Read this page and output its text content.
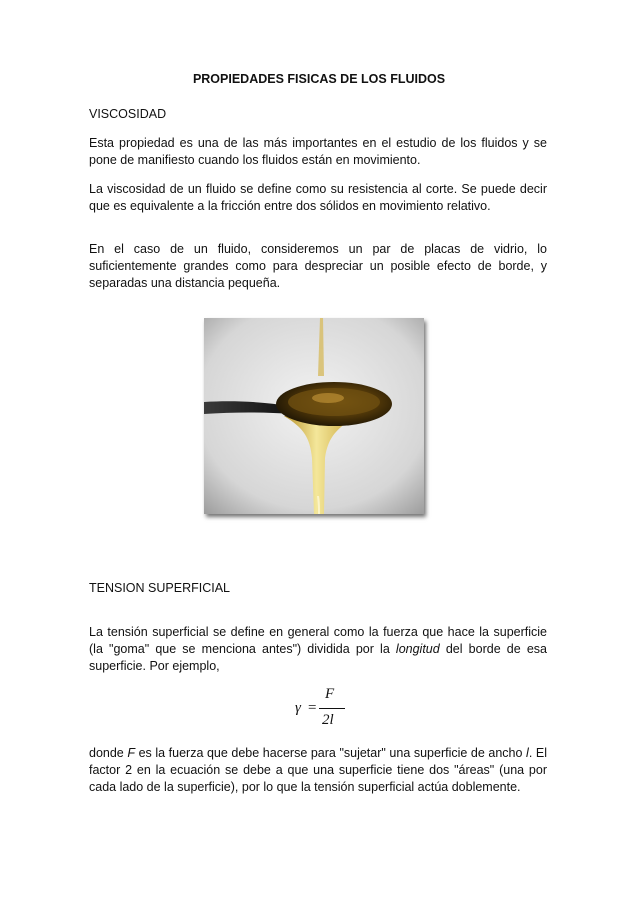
PROPIEDADES FISICAS DE LOS FLUIDOS
VISCOSIDAD

Esta propiedad es una de las más importantes en el estudio de los fluidos y se pone de manifiesto cuando los fluidos están en movimiento.

La viscosidad de un fluido se define como su resistencia al corte. Se puede decir que es equivalente a la fricción entre dos sólidos en movimiento relativo.

En el caso de un fluido, consideremos un par de placas de vidrio, lo suficientemente grandes como para despreciar un posible efecto de borde, y separadas una distancia pequeña.

TENSION SUPERFICIAL

La tensión superficial se define en general como la fuerza que hace la superficie (la "goma" que se menciona antes") dividida por la longitud del borde de esa superficie. Por ejemplo,

γ =
F
2l

donde F es la fuerza que debe hacerse para "sujetar" una superficie de ancho l. El factor 2 en la ecuación se debe a que una superficie tiene dos "áreas" (una por cada lado de la superficie), por lo que la tensión superficial actúa doblemente.
